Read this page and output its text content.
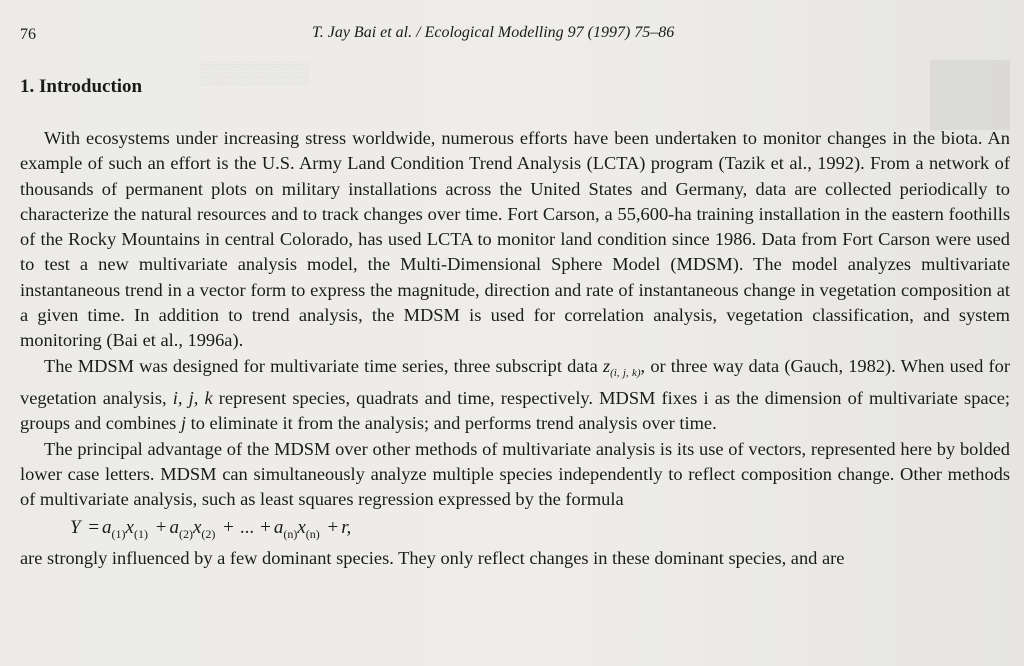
▒▒▒▒▒▒▒
76	T. Jay Bai et al. / Ecological Modelling 97 (1997) 75–86
1. Introduction

With ecosystems under increasing stress worldwide, numerous efforts have been undertaken to monitor changes in the biota. An example of such an effort is the U.S. Army Land Condition Trend Analysis (LCTA) program (Tazik et al., 1992). From a network of thousands of permanent plots on military installations across the United States and Germany, data are collected periodically to characterize the natural resources and to track changes over time. Fort Carson, a 55,600-ha training installation in the eastern foothills of the Rocky Mountains in central Colorado, has used LCTA to monitor land condition since 1986. Data from Fort Carson were used to test a new multivariate analysis model, the Multi-Dimensional Sphere Model (MDSM). The model analyzes multivariate instantaneous trend in a vector form to express the magnitude, direction and rate of instantaneous change in vegetation composition at a given time. In addition to trend analysis, the MDSM is used for correlation analysis, vegetation classification, and system monitoring (Bai et al., 1996a).

The MDSM was designed for multivariate time series, three subscript data $z_{(i, j, k)}$, or three way data (Gauch, 1982). When used for vegetation analysis, i, j, k represent species, quadrats and time, respectively. MDSM fixes i as the dimension of multivariate space; groups and combines j to eliminate it from the analysis; and performs trend analysis over time.

The principal advantage of the MDSM over other methods of multivariate analysis is its use of vectors, represented here by bolded lower case letters. MDSM can simultaneously analyze multiple species independently to reflect composition change. Other methods of multivariate analysis, such as least squares regression expressed by the formula

$Y = a_{(1)}x_{(1)} + a_{(2)}x_{(2)}$ + ... + $a_{(n)}x_{(n)} + r$,

are strongly influenced by a few dominant species. They only reflect changes in these dominant species, and are
